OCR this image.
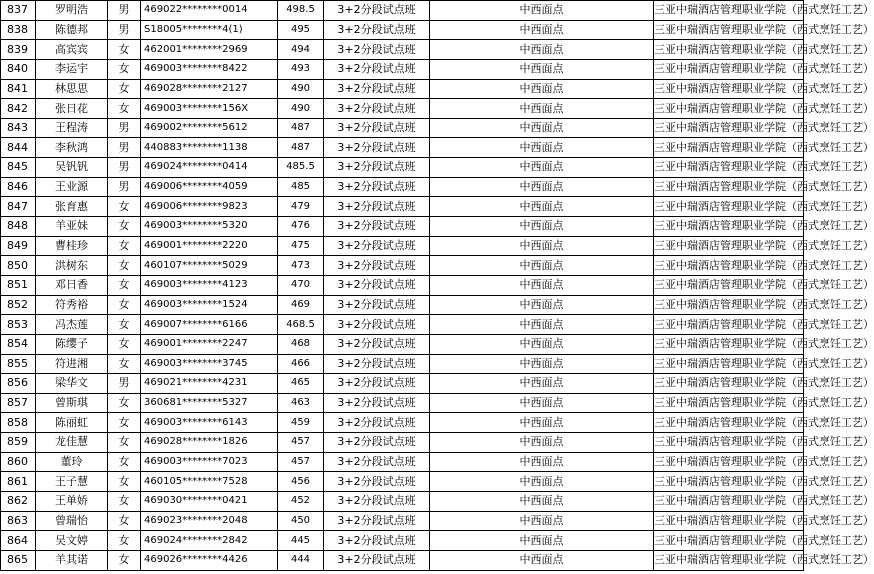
837	罗明浩	男	469022********0014	498.5	3+2分段试点班	中西面点	三亚中瑞酒店管理职业学院（西式烹饪工艺）
838	陈德邦	男	S18005********4(1)	495	3+2分段试点班	中西面点	三亚中瑞酒店管理职业学院（西式烹饪工艺）
839	高宾宾	女	462001********2969	494	3+2分段试点班	中西面点	三亚中瑞酒店管理职业学院（西式烹饪工艺）
840	李运宇	女	469003********8422	493	3+2分段试点班	中西面点	三亚中瑞酒店管理职业学院（西式烹饪工艺）
841	林思思	女	469028********2127	490	3+2分段试点班	中西面点	三亚中瑞酒店管理职业学院（西式烹饪工艺）
842	张日花	女	469003********156X	490	3+2分段试点班	中西面点	三亚中瑞酒店管理职业学院（西式烹饪工艺）
843	王程涛	男	469002********5612	487	3+2分段试点班	中西面点	三亚中瑞酒店管理职业学院（西式烹饪工艺）
844	李秋鸿	男	440883********1138	487	3+2分段试点班	中西面点	三亚中瑞酒店管理职业学院（西式烹饪工艺）
845	吴钒钒	男	469024********0414	485.5	3+2分段试点班	中西面点	三亚中瑞酒店管理职业学院（西式烹饪工艺）
846	王业源	男	469006********4059	485	3+2分段试点班	中西面点	三亚中瑞酒店管理职业学院（西式烹饪工艺）
847	张育惠	女	469006********9823	479	3+2分段试点班	中西面点	三亚中瑞酒店管理职业学院（西式烹饪工艺）
848	羊亚妹	女	469003********5320	476	3+2分段试点班	中西面点	三亚中瑞酒店管理职业学院（西式烹饪工艺）
849	曹桂珍	女	469001********2220	475	3+2分段试点班	中西面点	三亚中瑞酒店管理职业学院（西式烹饪工艺）
850	洪树东	女	460107********5029	473	3+2分段试点班	中西面点	三亚中瑞酒店管理职业学院（西式烹饪工艺）
851	邓日香	女	469003********4123	470	3+2分段试点班	中西面点	三亚中瑞酒店管理职业学院（西式烹饪工艺）
852	符秀裕	女	469003********1524	469	3+2分段试点班	中西面点	三亚中瑞酒店管理职业学院（西式烹饪工艺）
853	冯杰莲	女	469007********6166	468.5	3+2分段试点班	中西面点	三亚中瑞酒店管理职业学院（西式烹饪工艺）
854	陈缨子	女	469001********2247	468	3+2分段试点班	中西面点	三亚中瑞酒店管理职业学院（西式烹饪工艺）
855	符进湘	女	469003********3745	466	3+2分段试点班	中西面点	三亚中瑞酒店管理职业学院（西式烹饪工艺）
856	梁华文	男	469021********4231	465	3+2分段试点班	中西面点	三亚中瑞酒店管理职业学院（西式烹饪工艺）
857	曾斯琪	女	360681********5327	463	3+2分段试点班	中西面点	三亚中瑞酒店管理职业学院（西式烹饪工艺）
858	陈丽虹	女	469003********6143	459	3+2分段试点班	中西面点	三亚中瑞酒店管理职业学院（西式烹饪工艺）
859	龙佳慧	女	469028********1826	457	3+2分段试点班	中西面点	三亚中瑞酒店管理职业学院（西式烹饪工艺）
860	董玲	女	469003********7023	457	3+2分段试点班	中西面点	三亚中瑞酒店管理职业学院（西式烹饪工艺）
861	王子慧	女	460105********7528	456	3+2分段试点班	中西面点	三亚中瑞酒店管理职业学院（西式烹饪工艺）
862	王单娇	女	469030********0421	452	3+2分段试点班	中西面点	三亚中瑞酒店管理职业学院（西式烹饪工艺）
863	曾瑞怡	女	469023********2048	450	3+2分段试点班	中西面点	三亚中瑞酒店管理职业学院（西式烹饪工艺）
864	吴文婷	女	469024********2842	445	3+2分段试点班	中西面点	三亚中瑞酒店管理职业学院（西式烹饪工艺）
865	羊其诺	女	469026********4426	444	3+2分段试点班	中西面点	三亚中瑞酒店管理职业学院（西式烹饪工艺）
